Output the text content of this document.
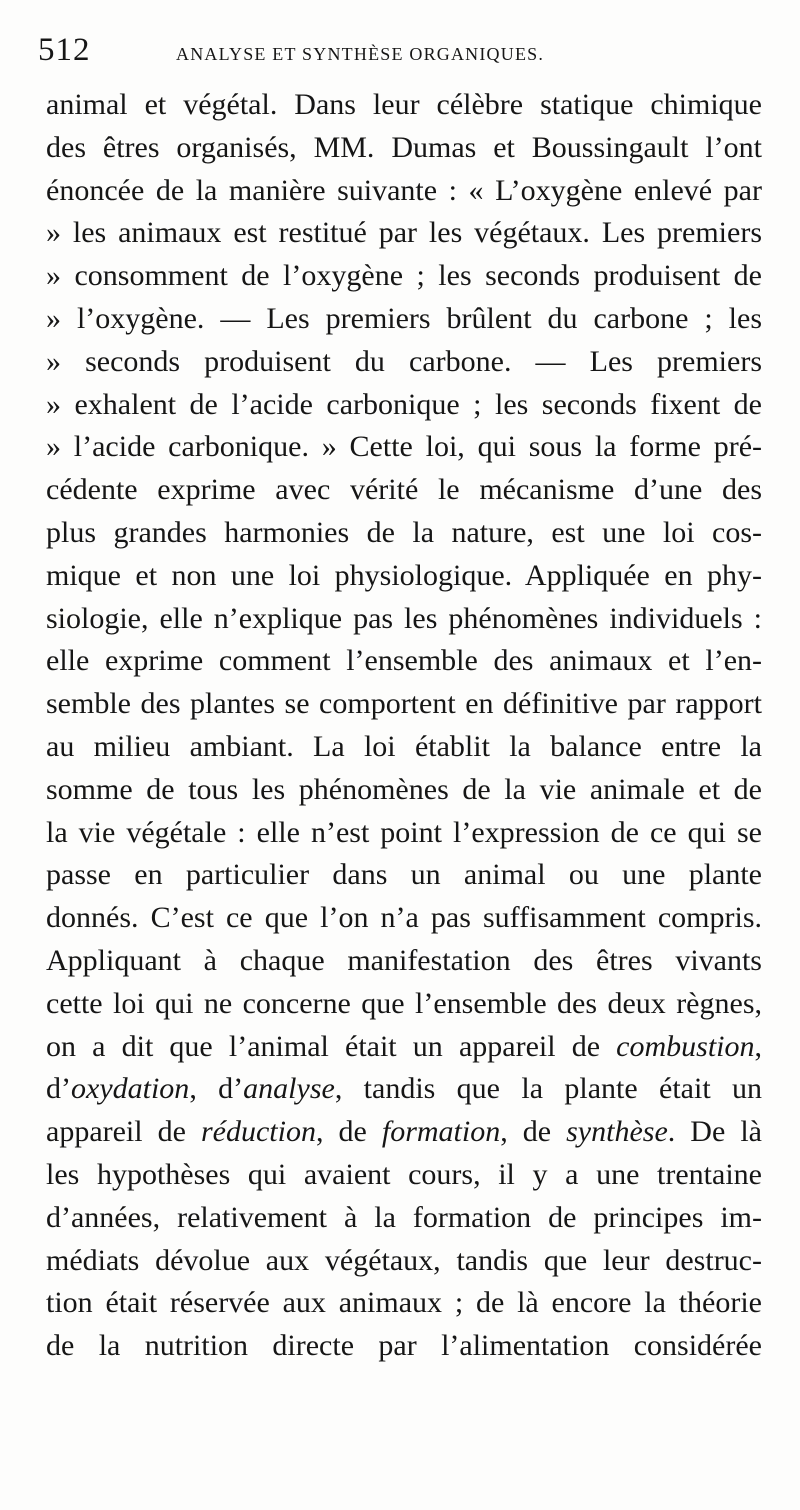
512	ANALYSE ET SYNTHÈSE ORGANIQUES.
animal et végétal. Dans leur célèbre statique chimique
des êtres organisés, MM. Dumas et Boussingault l’ont
énoncée de la manière suivante : « L’oxygène enlevé par
» les animaux est restitué par les végétaux. Les premiers
» consomment de l’oxygène ; les seconds produisent de
» l’oxygène. — Les premiers brûlent du carbone ; les
» seconds produisent du carbone. — Les premiers
» exhalent de l’acide carbonique ; les seconds fixent de
» l’acide carbonique. » Cette loi, qui sous la forme pré-
cédente exprime avec vérité le mécanisme d’une des
plus grandes harmonies de la nature, est une loi cos-
mique et non une loi physiologique. Appliquée en phy-
siologie, elle n’explique pas les phénomènes individuels :
elle exprime comment l’ensemble des animaux et l’en-
semble des plantes se comportent en définitive par rapport
au milieu ambiant. La loi établit la balance entre la
somme de tous les phénomènes de la vie animale et de
la vie végétale : elle n’est point l’expression de ce qui se
passe en particulier dans un animal ou une plante
donnés. C’est ce que l’on n’a pas suffisamment compris.
Appliquant à chaque manifestation des êtres vivants
cette loi qui ne concerne que l’ensemble des deux règnes,
on a dit que l’animal était un appareil de combustion,
d’oxydation, d’analyse, tandis que la plante était un
appareil de réduction, de formation, de synthèse. De là
les hypothèses qui avaient cours, il y a une trentaine
d’années, relativement à la formation de principes im-
médiats dévolue aux végétaux, tandis que leur destruc-
tion était réservée aux animaux ; de là encore la théorie
de la nutrition directe par l’alimentation considérée
